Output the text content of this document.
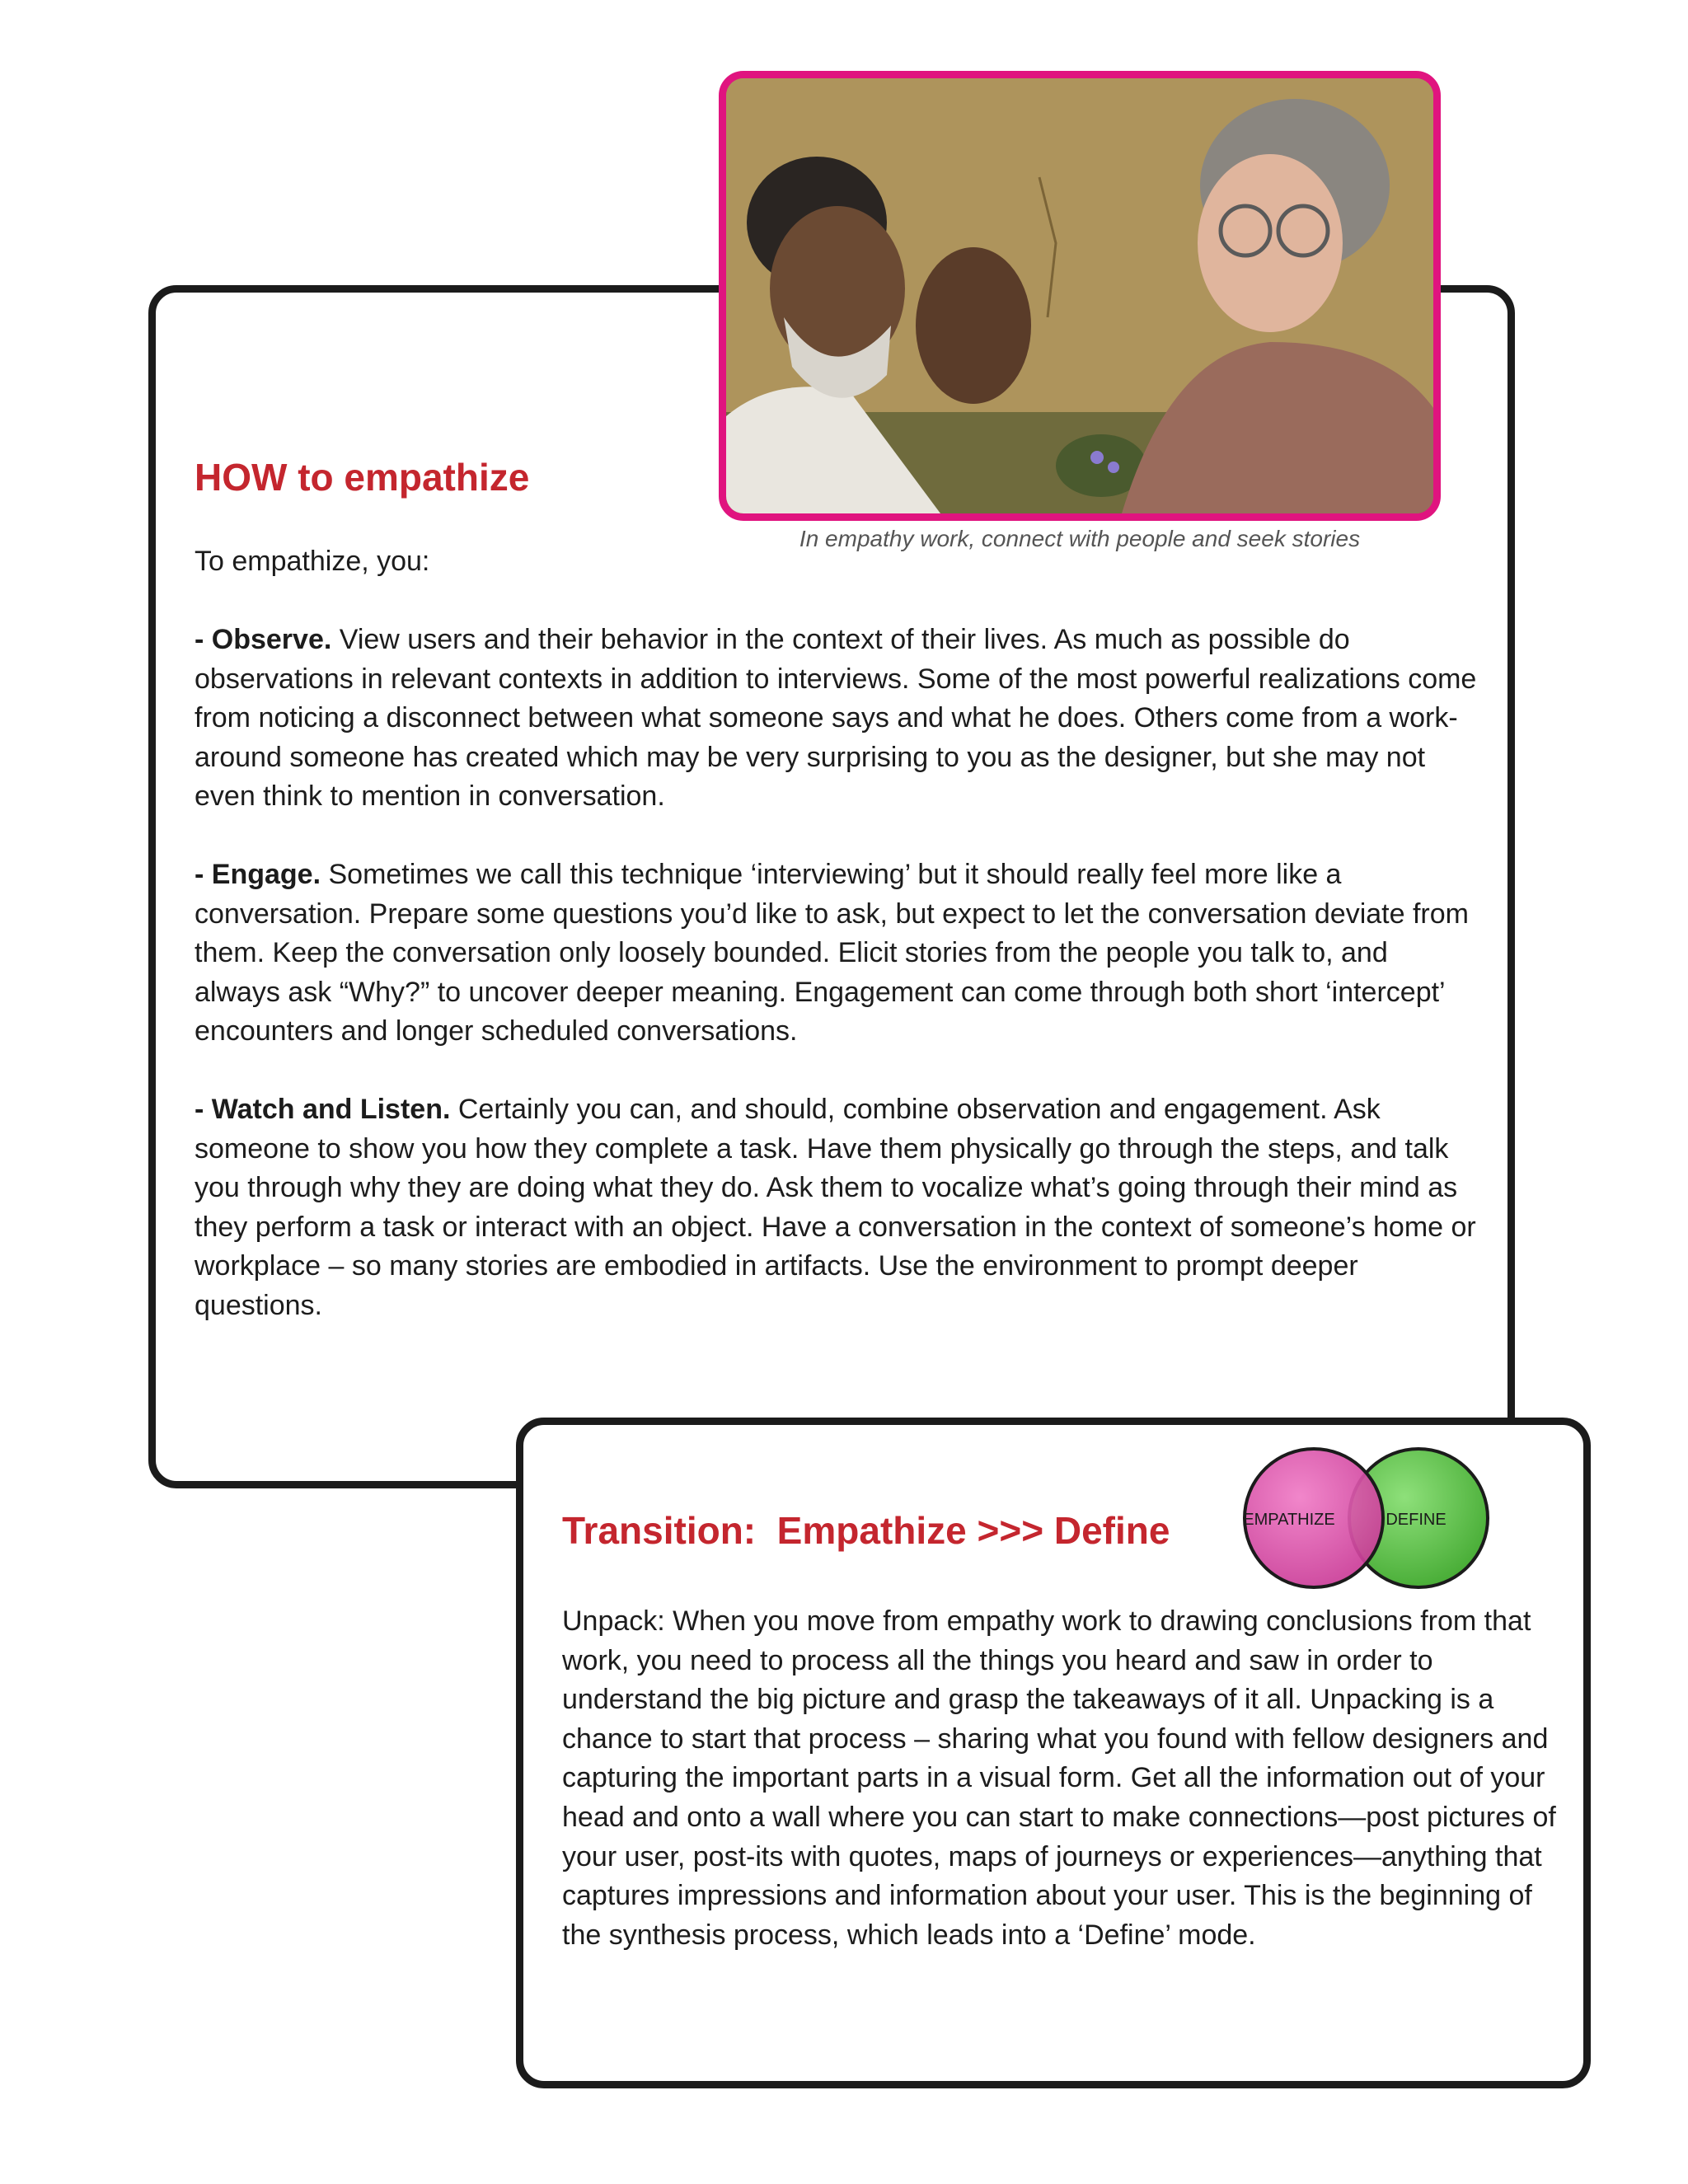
In empathy work, connect with people and seek stories
HOW to empathize

To empathize, you:

- Observe. View users and their behavior in the context of their lives. As much as possible do observations in relevant contexts in addition to interviews. Some of the most powerful realizations come from noticing a disconnect between what someone says and what he does. Others come from a work-around someone has created which may be very surprising to you as the designer, but she may not even think to mention in conversation.

- Engage. Sometimes we call this technique ‘interviewing’ but it should really feel more like a conversation. Prepare some questions you’d like to ask, but expect to let the conversation deviate from them. Keep the conversation only loosely bounded. Elicit stories from the people you talk to, and always ask “Why?” to uncover deeper meaning. Engagement can come through both short ‘intercept’ encounters and longer scheduled conversations.

- Watch and Listen. Certainly you can, and should, combine observation and engagement. Ask someone to show you how they complete a task. Have them physically go through the steps, and talk you through why they are doing what they do. Ask them to vocalize what’s going through their mind as they perform a task or interact with an object. Have a conversation in the context of someone’s home or workplace – so many stories are embodied in artifacts. Use the environment to prompt deeper questions.

Transition:  Empathize >>> Define	EMPATHIZE	DEFINE

Unpack: When you move from empathy work to drawing conclusions from that work, you need to process all the things you heard and saw in order to understand the big picture and grasp the takeaways of it all. Unpacking is a chance to start that process – sharing what you found with fellow designers and capturing the important parts in a visual form. Get all the information out of your head and onto a wall where you can start to make connections—post pictures of your user, post-its with quotes, maps of journeys or experiences—anything that captures impressions and information about your user. This is the beginning of the synthesis process, which leads into a ‘Define’ mode.
